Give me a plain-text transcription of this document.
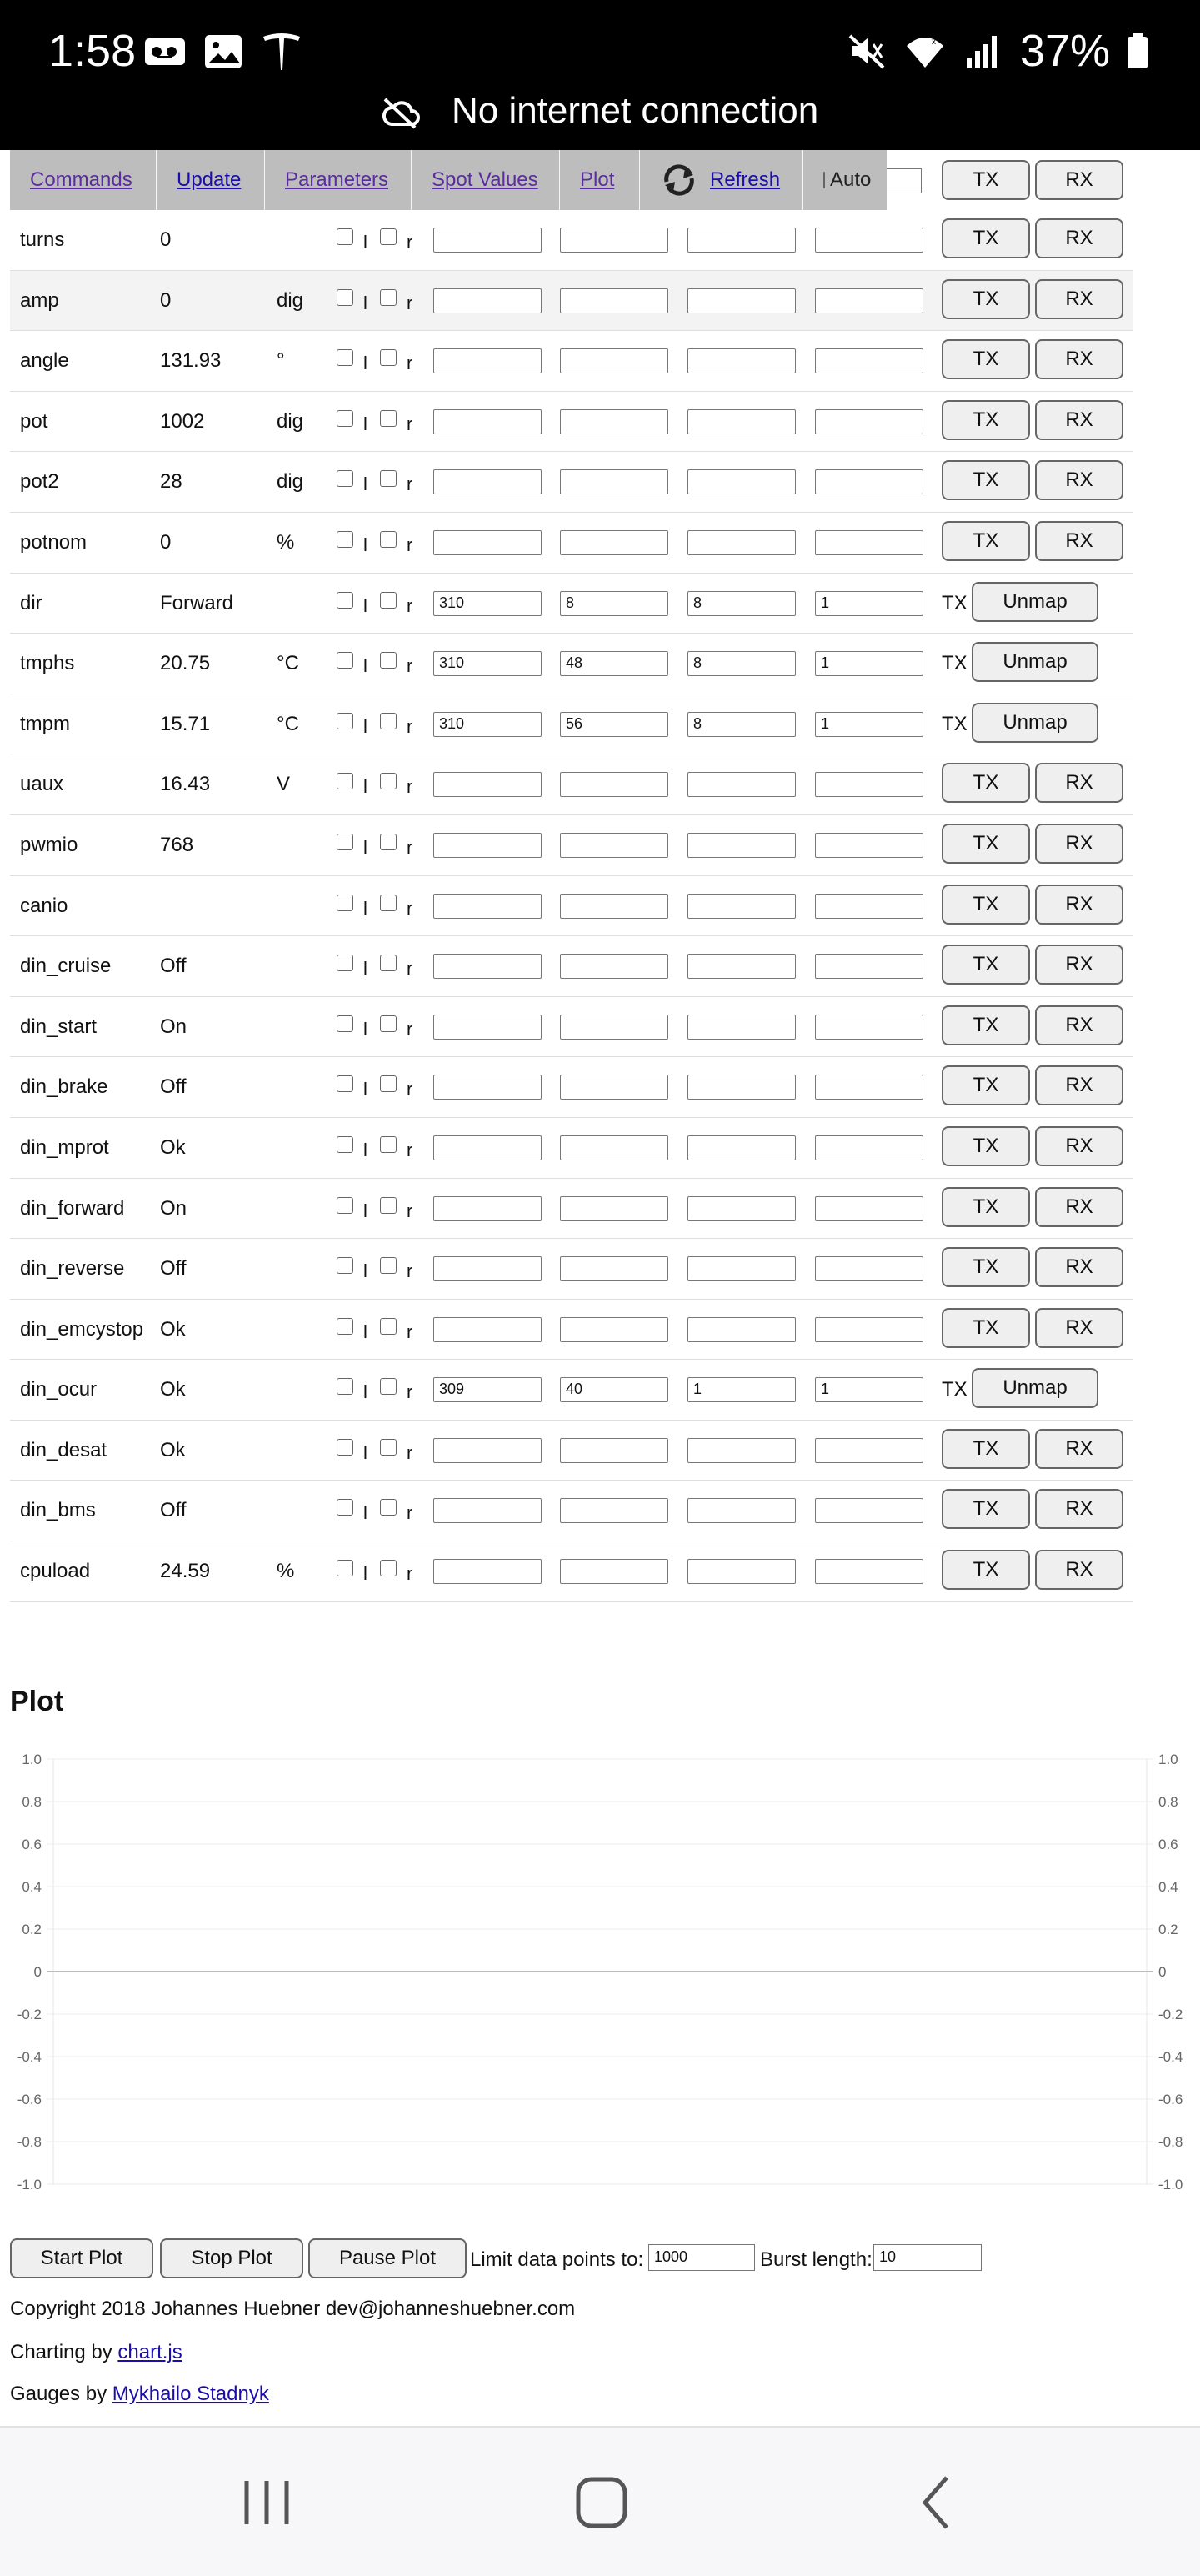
1:58	x 37%
No internet connection
Commands Update Parameters Spot Values Plot	Refresh Auto	TX	RX
turns	0	l r	TX	RX
amp	0	dig	l r	TX	RX
angle	131.93	°	l r	TX	RX
pot	1002	dig	l r	TX	RX
pot2	28	dig	l r	TX	RX
potnom	0	%	l r	TX	RX
dir	Forward	l r	310	8	8	1	TX	Unmap
tmphs	20.75	°C	l r	310	48	8	1	TX	Unmap
tmpm	15.71	°C	l r	310	56	8	1	TX	Unmap
uaux	16.43	V	l r	TX	RX
pwmio	768	l r	TX	RX
canio	l r	TX	RX
din_cruise Off	l r	TX	RX
din_start	On	l r	TX	RX
din_brake	Off	l r	TX	RX
din_mprot	Ok	l r	TX	RX
din_forward On	l r	TX	RX
din_reverse Off	l r	TX	RX
din_emcystop Ok	l r	TX	RX
din_ocur	Ok	l r	309	40	1	1	TX	Unmap
din_desat	Ok	l r	TX	RX
din_bms	Off	l r	TX	RX
cpuload	24.59	%	l r	TX	RX
Plot
1.0	1.0
0.8	0.8
0.6	0.6
0.4	0.4
0.2	0.2
0	0
-0.2	-0.2
-0.4	-0.4
-0.6	-0.6
-0.8	-0.8
-1.0	-1.0
Start Plot	Stop Plot	Pause Plot	Limit data points to: 1000	Burst length: 10
Copyright 2018 Johannes Huebner dev@johanneshuebner.com
Charting by chart.js
Gauges by Mykhailo Stadnyk
